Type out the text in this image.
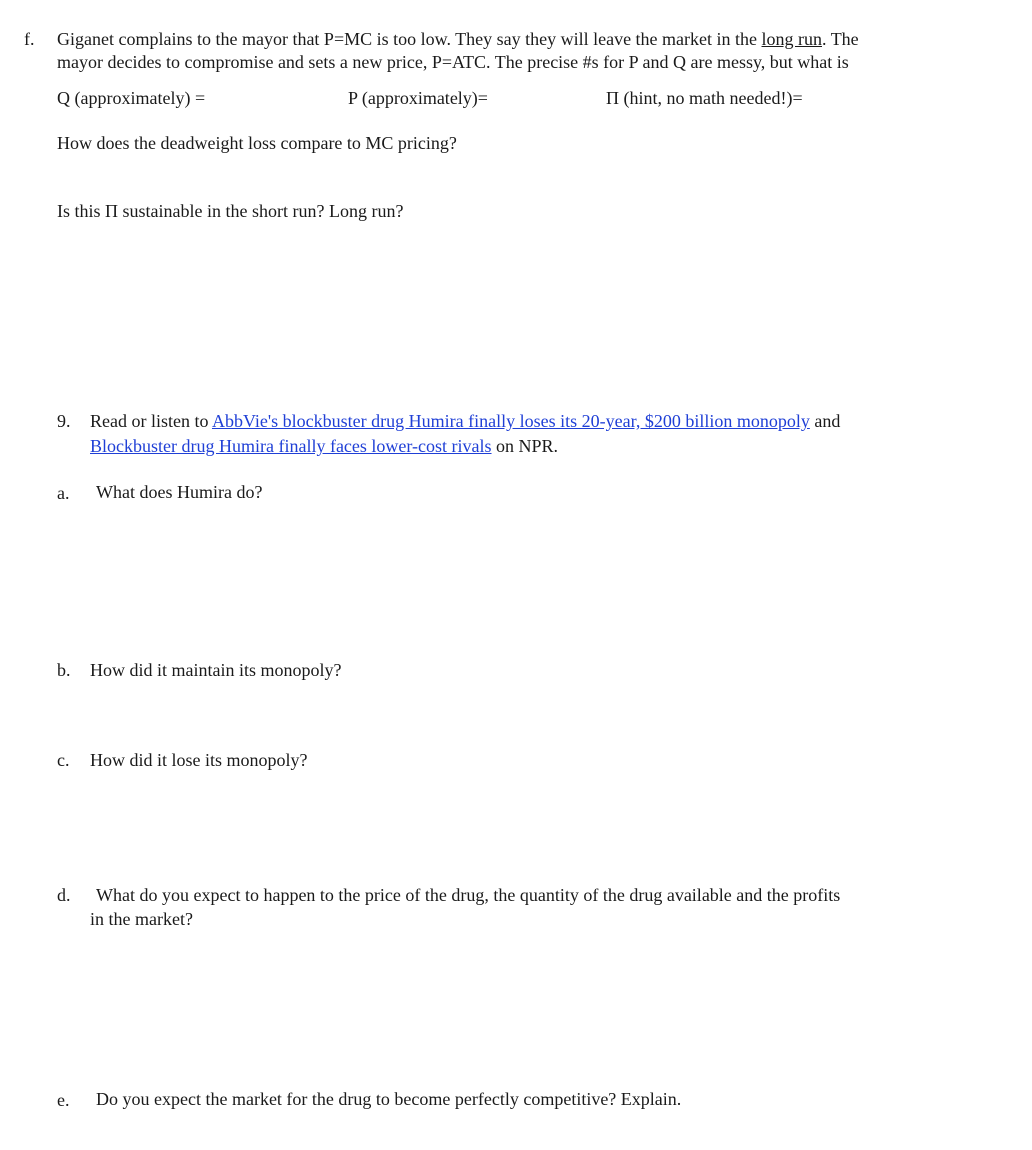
f. Giganet complains to the mayor that P=MC is too low. They say they will leave the market in the long run. The
mayor decides to compromise and sets a new price, P=ATC. The precise #s for P and Q are messy, but what is
Q (approximately) =	P (approximately)=	Π (hint, no math needed!)=
How does the deadweight loss compare to MC pricing?
Is this Π sustainable in the short run? Long run?
9. Read or listen to AbbVie's blockbuster drug Humira finally loses its 20-year, $200 billion monopoly and
Blockbuster drug Humira finally faces lower-cost rivals on NPR.
a. What does Humira do?
b. How did it maintain its monopoly?
c. How did it lose its monopoly?
d. What do you expect to happen to the price of the drug, the quantity of the drug available and the profits
in the market?
e. Do you expect the market for the drug to become perfectly competitive? Explain.
